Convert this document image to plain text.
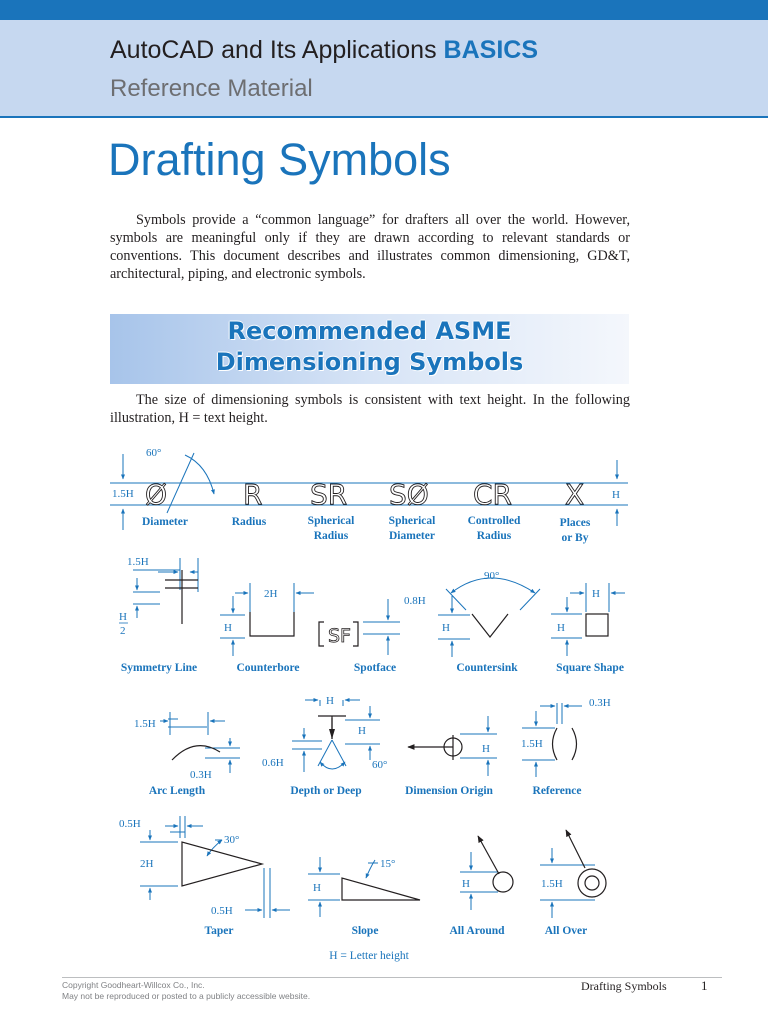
AutoCAD and Its Applications BASICS
Reference Material
Drafting Symbols

Symbols provide a “common language” for drafters all over the world. However, symbols are meaningful only if they are drawn according to relevant standards or conventions. This document describes and illustrates common dimensioning, GD&T, architectural, piping, and electronic symbols.

Recommended ASME
Dimensioning Symbols

The size of dimensioning symbols is consistent with text height. In the following illustration, H = text height.

Ø	R SR SØ CR X
SF
60°
1.5H	H
1.5H
H
2
2H
H
0.8H
90°
H
H
H
1.5H
0.3H
H
H
0.6H	60°
H
0.3H
1.5H
0.5H
30°
2H
0.5H
15°
H	H	1.5H
Diameter	Radius	Spherical
Radius
Spherical
Diameter
Controlled
Radius
Places
or By
Symmetry Line	Counterbore	Spotface	Countersink	Square Shape
Arc Length	Depth or Deep	Dimension Origin	Reference
Taper	Slope	All Around	All Over
H = Letter height
Copyright Goodheart-Willcox Co., Inc.
May not be reproduced or posted to a publicly accessible website.
Drafting Symbols	1
